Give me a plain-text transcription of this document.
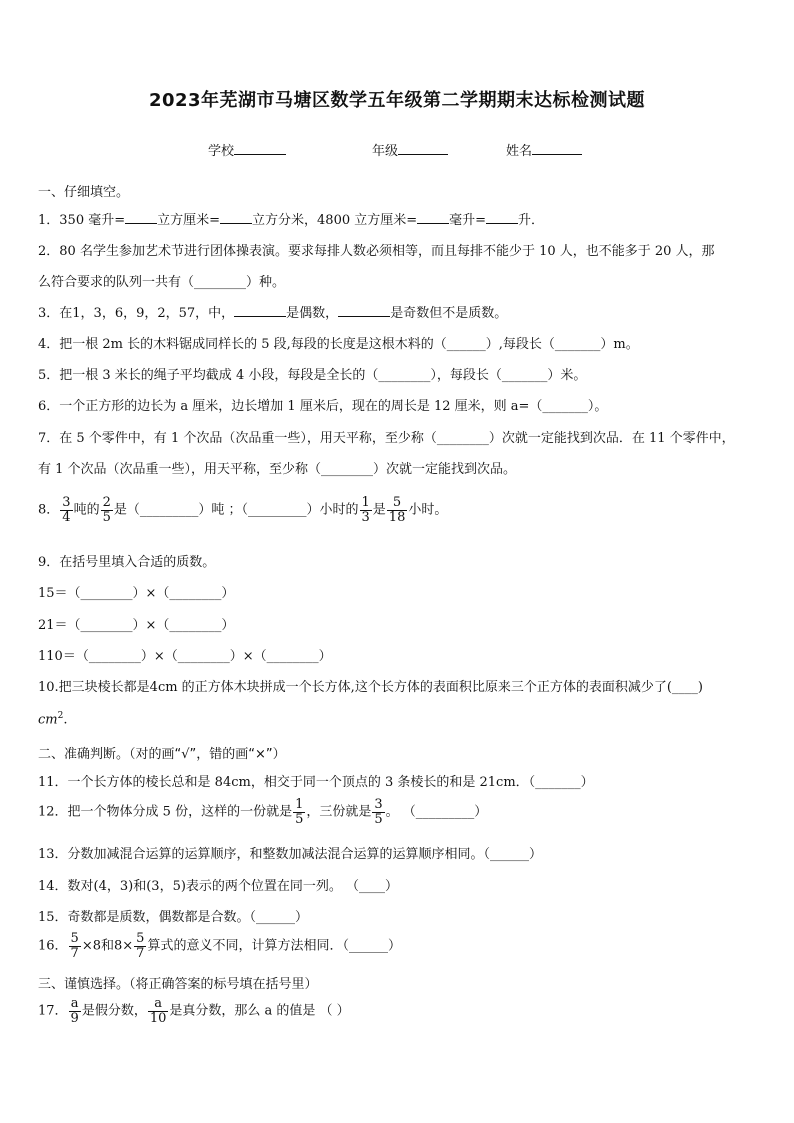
2023年芜湖市马塘区数学五年级第二学期期末达标检测试题
学校	年级	姓名
一、仔细填空。
1．350 毫升= 立方厘米= 立方分米，4800 立方厘米= 毫升= 升．
2．80 名学生参加艺术节进行团体操表演。要求每排人数必须相等，而且每排不能少于 10 人，也不能多于 20 人，那
么符合要求的队列一共有（________）种。
3．在1，3，6，9，2，57，中，	是偶数，	是奇数但不是质数。
4．把一根 2m 长的木料锯成同样长的 5 段,每段的长度是这根木料的（______）,每段长（_______）m。
5．把一根 3 米长的绳子平均截成 4 小段，每段是全长的（________），每段长（_______）米。
6．一个正方形的边长为 a 厘米，边长增加 1 厘米后，现在的周长是 12 厘米，则 a=（_______）。
7．在 5 个零件中，有 1 个次品（次品重一些），用天平称，至少称（________）次就一定能找到次品．在 11 个零件中，
有 1 个次品（次品重一些），用天平称，至少称（________）次就一定能找到次品。
8． $\frac{3}{4}$ 吨的 $\frac{2}{5}$ 是（_________）吨 ；（_________）小时的 $\frac{1}{3}$ 是 $\frac{5}{18}$ 小时。
9．在括号里填入合适的质数。
15＝（________）×（________）
21＝（________）×（________）
110＝（________）×（________）×（________）
10.把三块棱长都是4cm 的正方体木块拼成一个长方体,这个长方体的表面积比原来三个正方体的表面积减少了(____)
$cm^2$.
二、准确判断。（对的画“√”，错的画“×”）
11．一个长方体的棱长总和是 84cm，相交于同一个顶点的 3 条棱长的和是 21cm．（_______）
12．把一个物体分成 5 份，这样的一份就是 $\frac{1}{5}$ ，三份就是 $\frac{3}{5}$ 。 （_________）
13．分数加减混合运算的运算顺序，和整数加减法混合运算的运算顺序相同。（______）
14．数对(4，3)和(3，5)表示的两个位置在同一列。 （____）
15．奇数都是质数，偶数都是合数。（______）
16． $\frac{5}{7} \times 8$和$8\times \frac{5}{7}$ 算式的意义不同，计算方法相同．（______）
三、谨慎选择。（将正确答案的标号填在括号里）
17． $\frac{a}{9}$ 是假分数， $\frac{a}{10}$ 是真分数，那么 a 的值是 （ ）
